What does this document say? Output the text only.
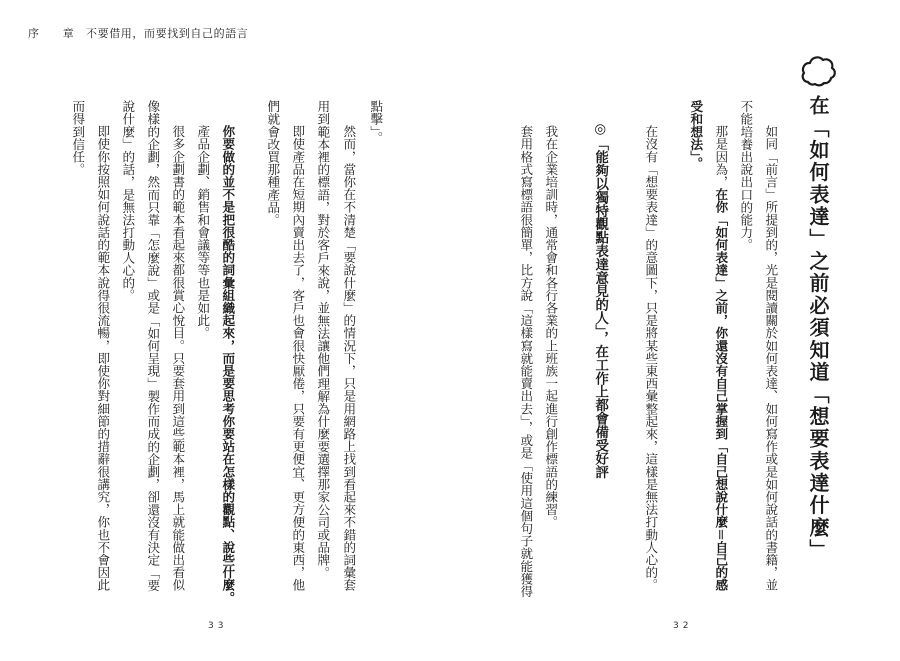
序　　章　不要借用，而要找到自己的語言
在「如何表達」之前必須知道「想要表達什麼」
如同「前言」所提到的，光是閱讀關於如何表達、如何寫作或是如何說話的書籍，並
不能培養出說出口的能力。
那是因為，在你「如何表達」之前，你還沒有自己掌握到「自己想說什麼＝自己的感
受和想法」。
在沒有「想要表達」的意圖下，只是將某些東西彙整起來，這樣是無法打動人心的。
◎「能夠以獨特觀點表達意見的人」，在工作上都會備受好評
我在企業培訓時，通常會和各行各業的上班族一起進行創作標語的練習。
套用格式寫標語很簡單，比方說「這樣寫就能賣出去」，或是「使用這個句子就能獲得
32
點擊」。
然而，當你在不清楚「要說什麼」的情況下，只是用網路上找到看起來不錯的詞彙套
用到範本裡的標語，對於客戶來說，並無法讓他們理解為什麼要選擇那家公司或品牌。
即使產品在短期內賣出去了，客戶也會很快厭倦，只要有更便宜、更方便的東西，他
們就會改買那種產品。
你要做的並不是把很酷的詞彙組織起來，而是要思考你要站在怎樣的觀點、說些什麼。
產品企劃、銷售和會議等等也是如此。
很多企劃書的範本看起來都很賞心悅目。只要套用到這些範本裡，馬上就能做出看似
像樣的企劃，然而只靠「怎麼說」或是「如何呈現」製作而成的企劃，卻還沒有決定「要
說什麼」的話，是無法打動人心的。
即使你按照如何說話的範本說得很流暢，即使你對細節的措辭很講究，你也不會因此
而得到信任。
33
